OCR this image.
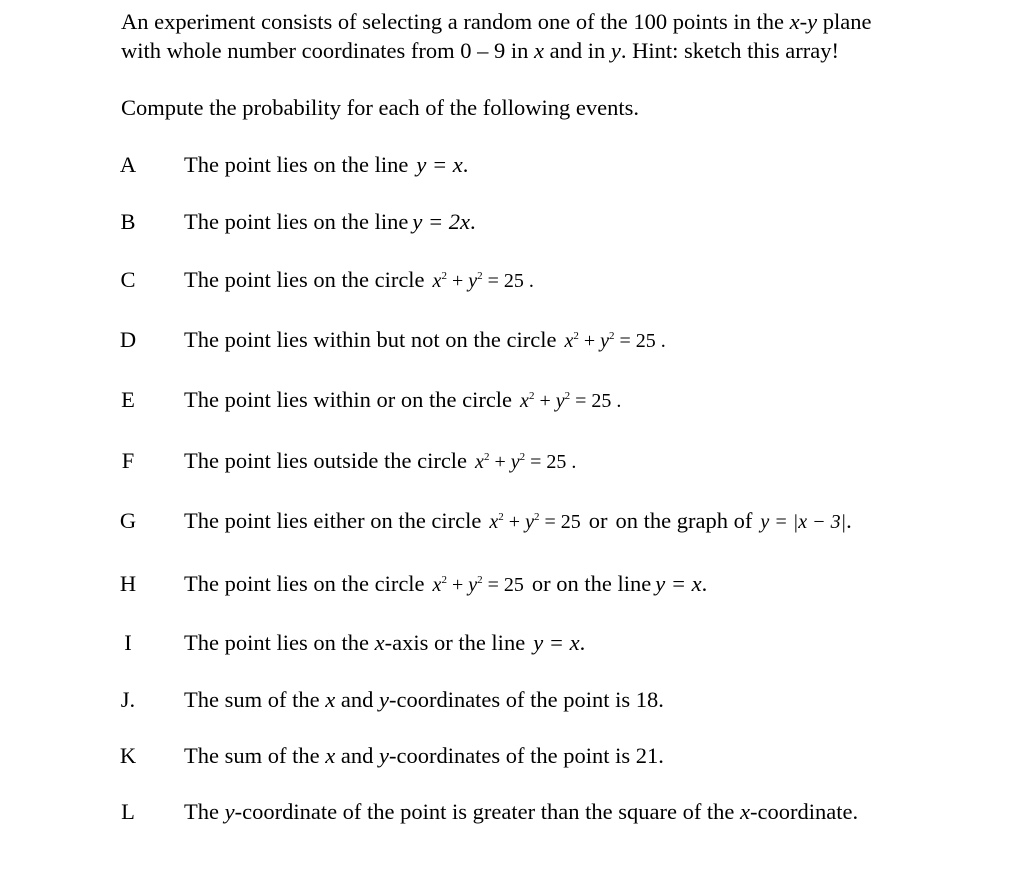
An experiment consists of selecting a random one of the 100 points in the x-y plane
with whole number coordinates from 0 – 9 in x and in y. Hint: sketch this array!
Compute the probability for each of the following events.
A The point lies on the line y = x.
B The point lies on the line y = 2x.
C The point lies on the circle $x^2 + y^2 = 25$ .
D The point lies within but not on the circle $x^2 + y^2 = 25$ .
E The point lies within or on the circle $x^2 + y^2 = 25$ .
F The point lies outside the circle $x^2 + y^2 = 25$ .
G The point lies either on the circle $x^2 + y^2 = 25$ or on the graph of y = |x − 3|.
H The point lies on the circle $x^2 + y^2 = 25$ or on the line y = x.
I The point lies on the x-axis or the line y = x.
J. The sum of the x and y-coordinates of the point is 18.
K The sum of the x and y-coordinates of the point is 21.
L The y-coordinate of the point is greater than the square of the x-coordinate.
